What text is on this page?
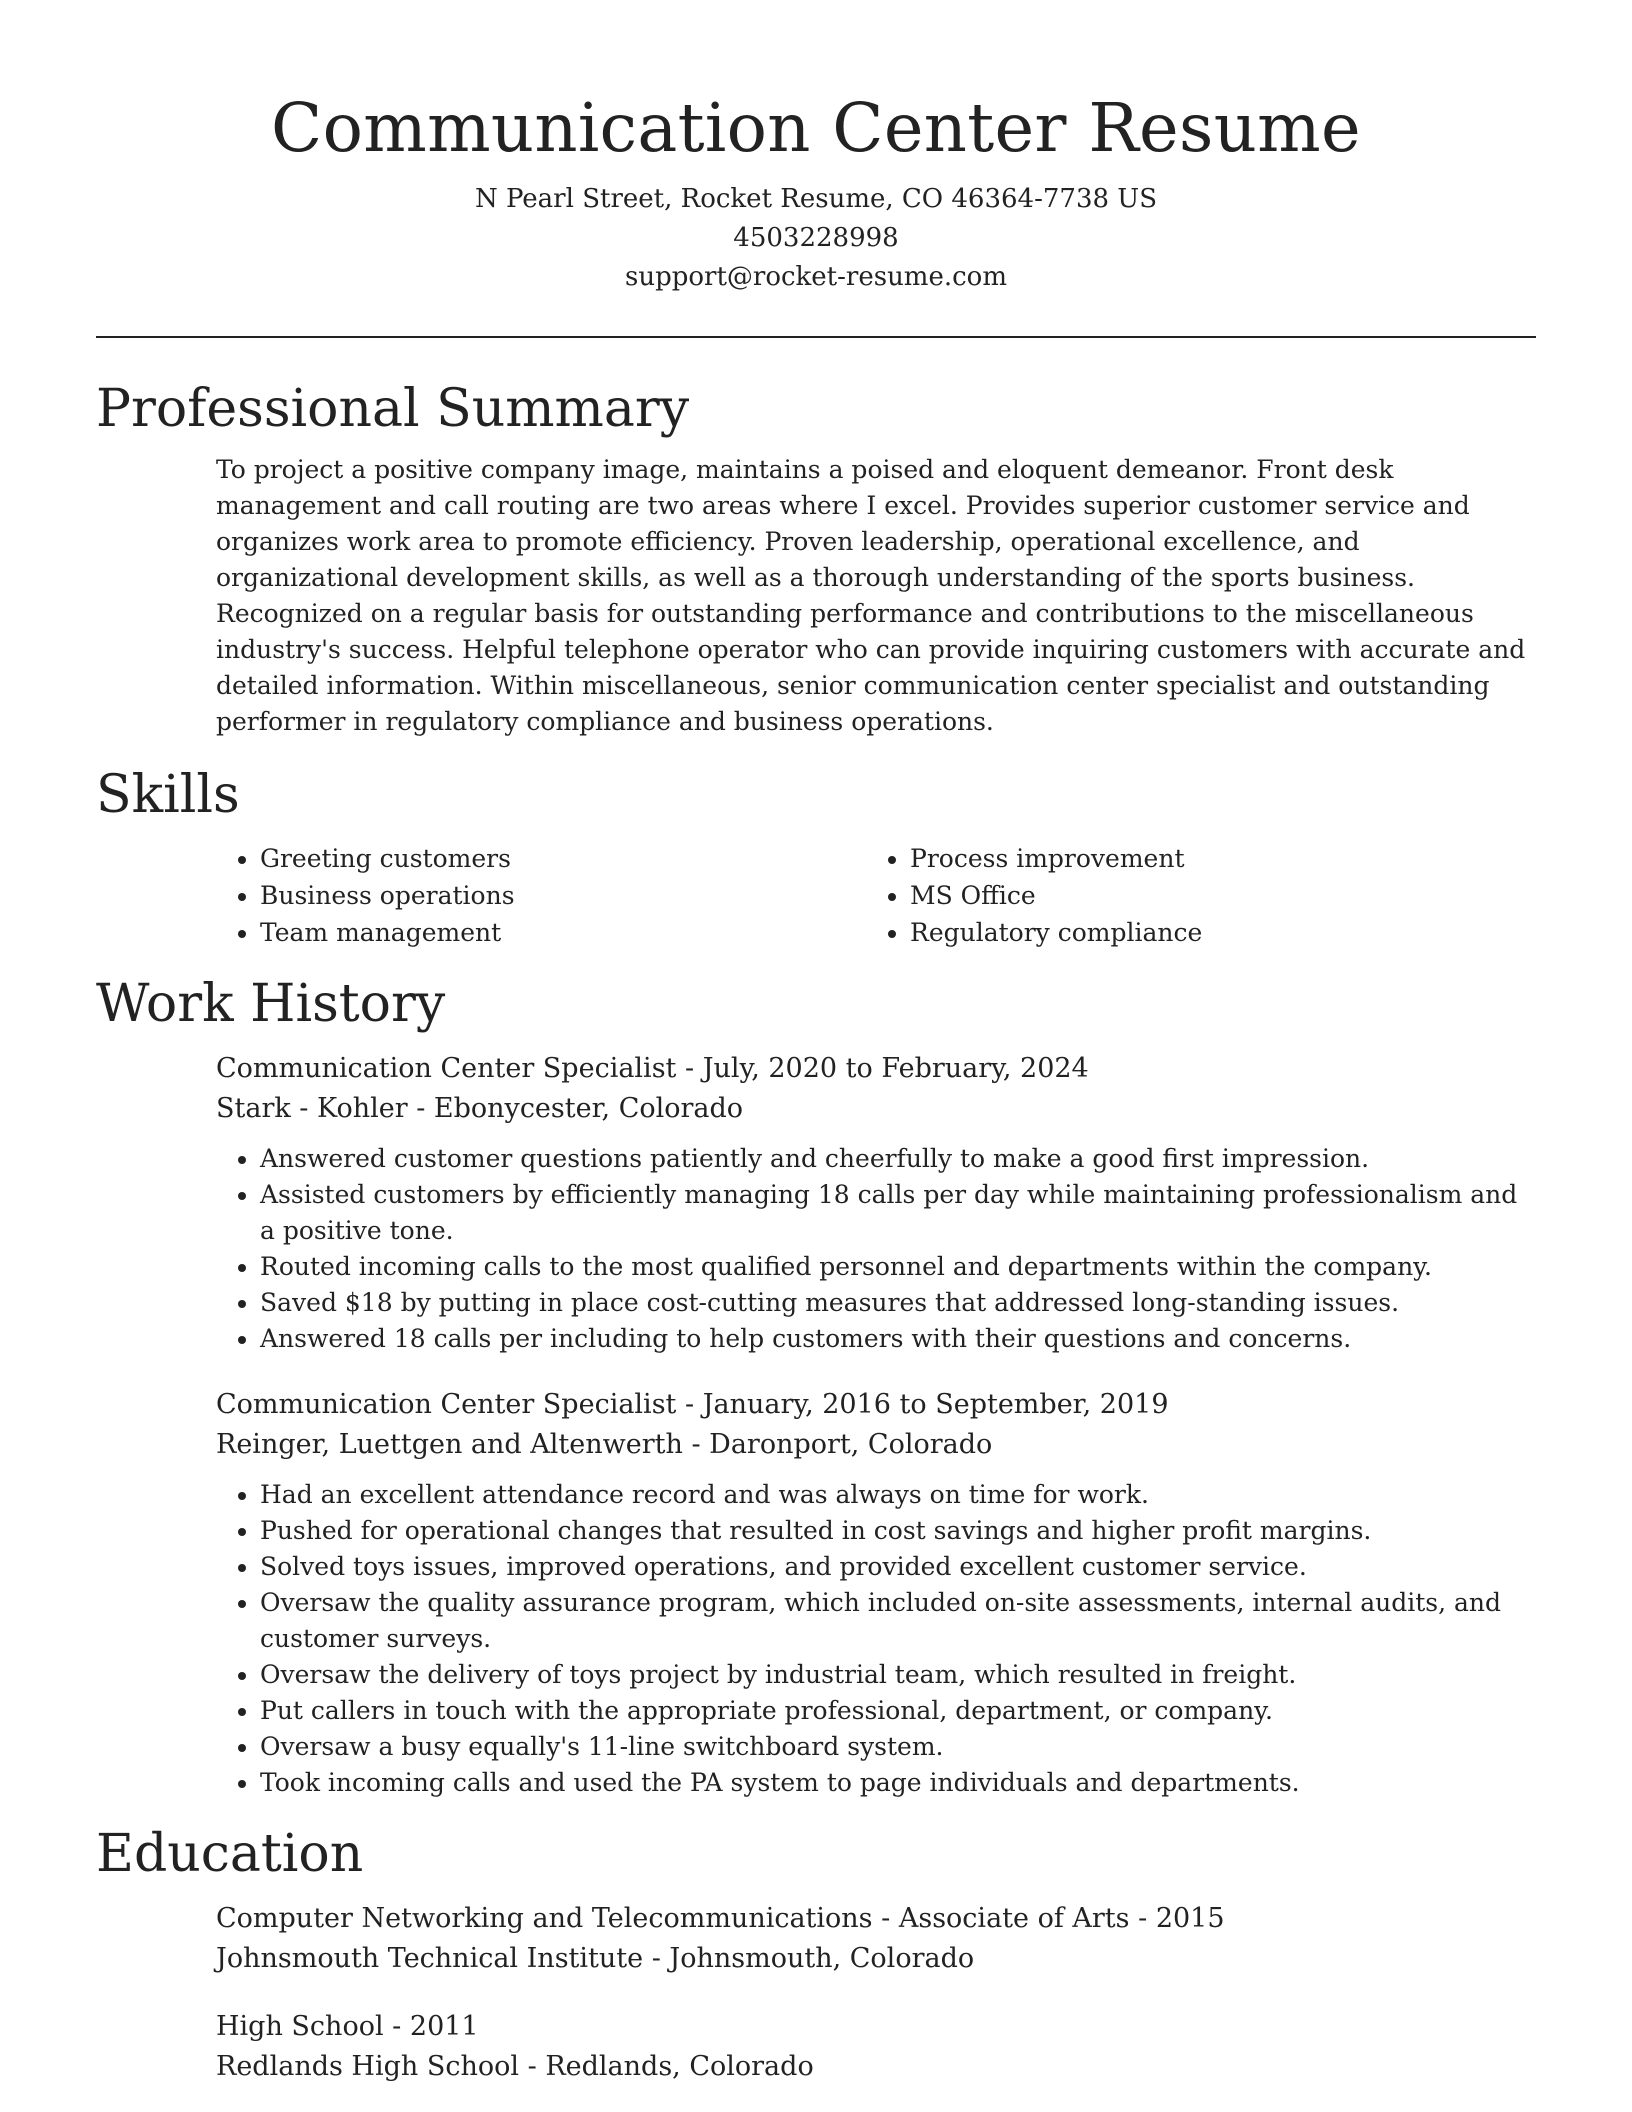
Communication Center Resume
N Pearl Street, Rocket Resume, CO 46364-7738 US
4503228998
support@rocket-resume.com
Professional Summary

To project a positive company image, maintains a poised and eloquent demeanor. Front desk management and call routing are two areas where I excel. Provides superior customer service and organizes work area to promote efficiency. Proven leadership, operational excellence, and organizational development skills, as well as a thorough understanding of the sports business. Recognized on a regular basis for outstanding performance and contributions to the miscellaneous industry's success. Helpful telephone operator who can provide inquiring customers with accurate and detailed information. Within miscellaneous, senior communication center specialist and outstanding performer in regulatory compliance and business operations.

Skills
• Greeting customers
• Business operations
• Team management
• Process improvement
• MS Office
• Regulatory compliance
Work History
Communication Center Specialist - July, 2020 to February, 2024
Stark - Kohler - Ebonycester, Colorado
• Answered customer questions patiently and cheerfully to make a good first impression.
• Assisted customers by efficiently managing 18 calls per day while maintaining professionalism and a positive tone.
• Routed incoming calls to the most qualified personnel and departments within the company.
• Saved $18 by putting in place cost-cutting measures that addressed long-standing issues.
• Answered 18 calls per including to help customers with their questions and concerns.
Communication Center Specialist - January, 2016 to September, 2019
Reinger, Luettgen and Altenwerth - Daronport, Colorado
• Had an excellent attendance record and was always on time for work.
• Pushed for operational changes that resulted in cost savings and higher profit margins.
• Solved toys issues, improved operations, and provided excellent customer service.
• Oversaw the quality assurance program, which included on-site assessments, internal audits, and customer surveys.
• Oversaw the delivery of toys project by industrial team, which resulted in freight.
• Put callers in touch with the appropriate professional, department, or company.
• Oversaw a busy equally's 11-line switchboard system.
• Took incoming calls and used the PA system to page individuals and departments.
Education
Computer Networking and Telecommunications - Associate of Arts - 2015
Johnsmouth Technical Institute - Johnsmouth, Colorado
High School - 2011
Redlands High School - Redlands, Colorado
